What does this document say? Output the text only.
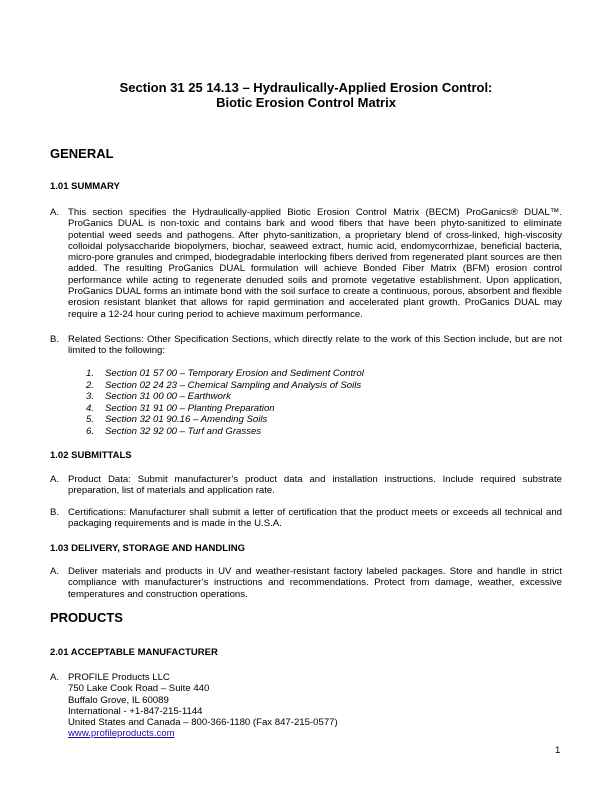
Section 31 25 14.13 – Hydraulically-Applied Erosion Control:
Biotic Erosion Control Matrix
GENERAL
1.01 SUMMARY
A. This section specifies the Hydraulically-applied Biotic Erosion Control Matrix (BECM) ProGanics® DUAL™. ProGanics DUAL is non-toxic and contains bark and wood fibers that have been phyto-sanitized to eliminate potential weed seeds and pathogens. After phyto-sanitization, a proprietary blend of cross-linked, high-viscosity colloidal polysaccharide biopolymers, biochar, seaweed extract, humic acid, endomycorrhizae, beneficial bacteria, micro-pore granules and crimped, biodegradable interlocking fibers derived from regenerated plant sources are then added. The resulting ProGanics DUAL formulation will achieve Bonded Fiber Matrix (BFM) erosion control performance while acting to regenerate denuded soils and promote vegetative establishment. Upon application, ProGanics DUAL forms an intimate bond with the soil surface to create a continuous, porous, absorbent and flexible erosion resistant blanket that allows for rapid germination and accelerated plant growth. ProGanics DUAL may require a 12-24 hour curing period to achieve maximum performance.
B. Related Sections: Other Specification Sections, which directly relate to the work of this Section include, but are not limited to the following:
1. Section 01 57 00 – Temporary Erosion and Sediment Control
2. Section 02 24 23 – Chemical Sampling and Analysis of Soils
3. Section 31 00 00 – Earthwork
4. Section 31 91 00 – Planting Preparation
5. Section 32 01 90.16 – Amending Soils
6. Section 32 92 00 – Turf and Grasses
1.02 SUBMITTALS
A. Product Data: Submit manufacturer’s product data and installation instructions. Include required substrate preparation, list of materials and application rate.
B. Certifications: Manufacturer shall submit a letter of certification that the product meets or exceeds all technical and packaging requirements and is made in the U.S.A.
1.03 DELIVERY, STORAGE AND HANDLING
A. Deliver materials and products in UV and weather-resistant factory labeled packages. Store and handle in strict compliance with manufacturer’s instructions and recommendations. Protect from damage, weather, excessive temperatures and construction operations.
PRODUCTS
2.01 ACCEPTABLE MANUFACTURER
A. PROFILE Products LLC
750 Lake Cook Road – Suite 440
Buffalo Grove, IL 60089
International - +1-847-215-1144
United States and Canada – 800-366-1180 (Fax 847-215-0577)
www.profileproducts.com
1
